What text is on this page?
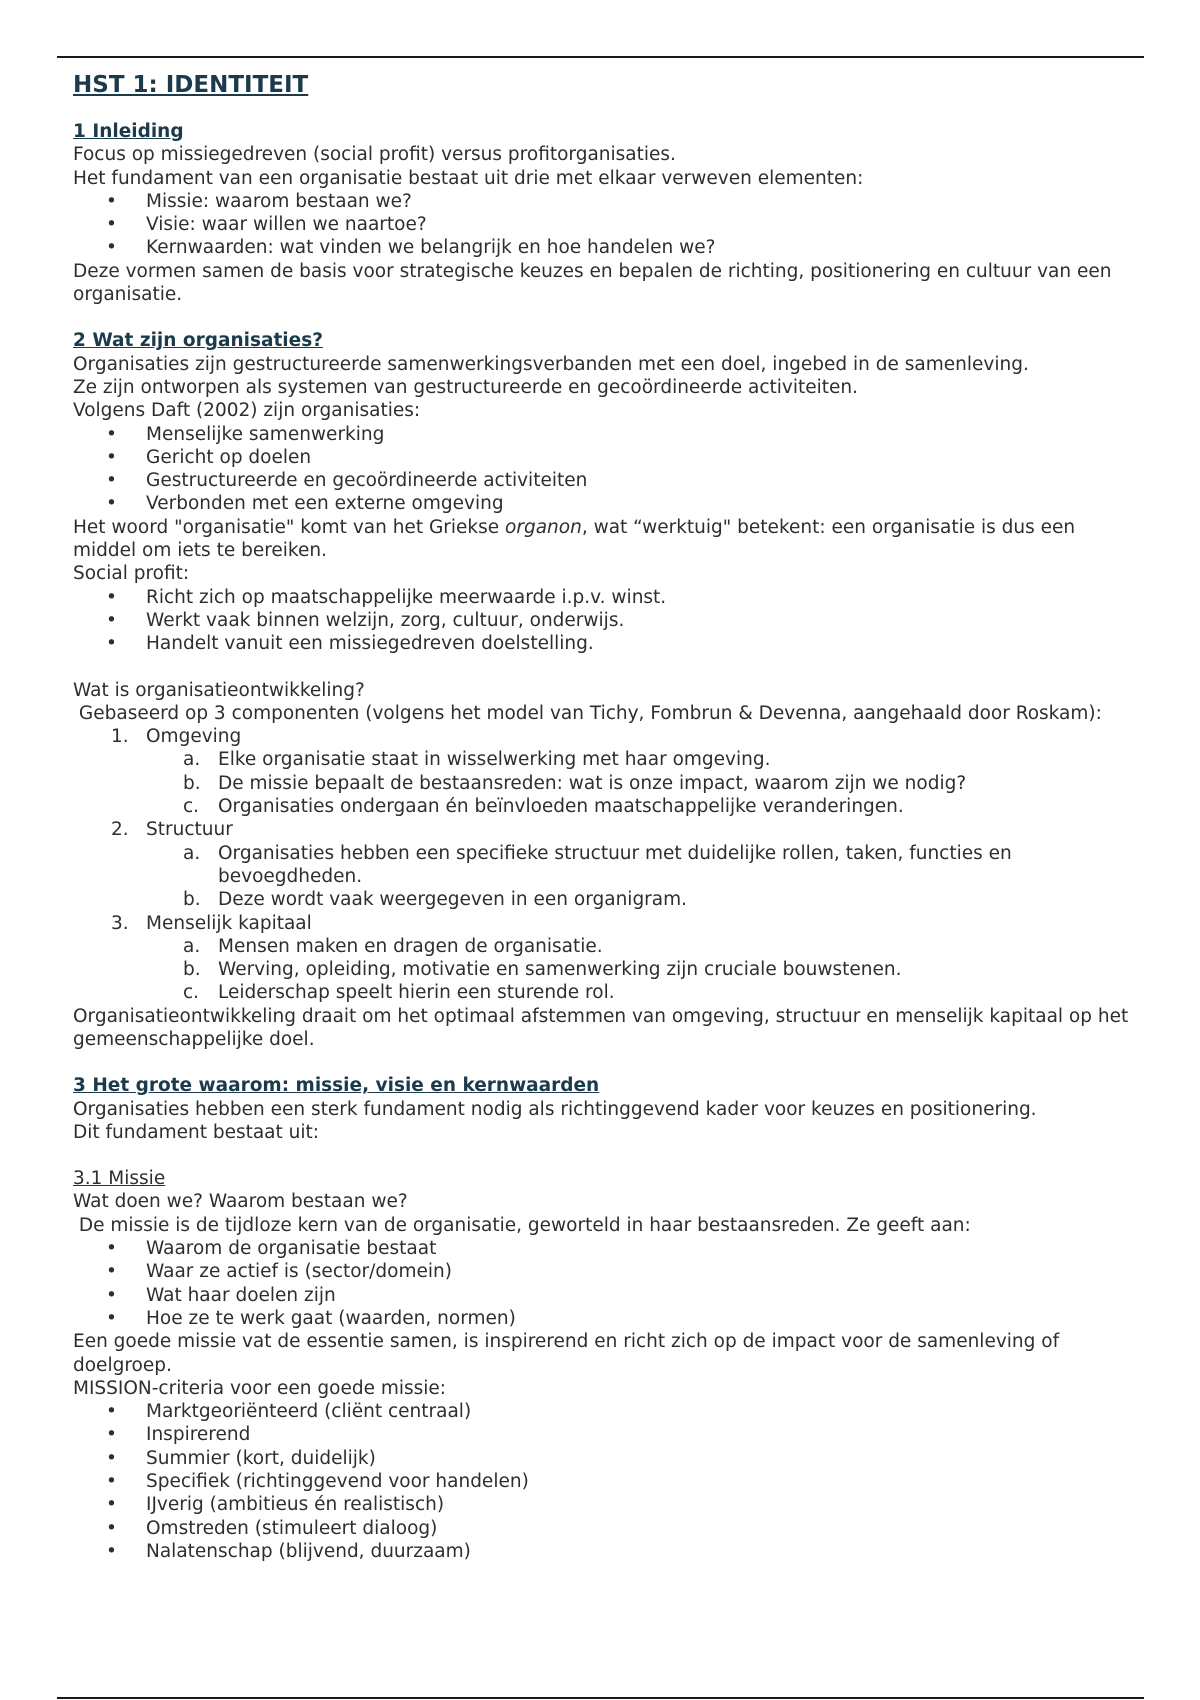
HST 1: IDENTITEIT
1 Inleiding

Focus op missiegedreven (social profit) versus profitorganisaties.

Het fundament van een organisatie bestaat uit drie met elkaar verweven elementen:

• Missie: waarom bestaan we?
• Visie: waar willen we naartoe?
• Kernwaarden: wat vinden we belangrijk en hoe handelen we?

Deze vormen samen de basis voor strategische keuzes en bepalen de richting, positionering en cultuur van een organisatie.

2 Wat zijn organisaties?

Organisaties zijn gestructureerde samenwerkingsverbanden met een doel, ingebed in de samenleving.

Ze zijn ontworpen als systemen van gestructureerde en gecoördineerde activiteiten.

Volgens Daft (2002) zijn organisaties:

• Menselijke samenwerking
• Gericht op doelen
• Gestructureerde en gecoördineerde activiteiten
• Verbonden met een externe omgeving

Het woord "organisatie" komt van het Griekse organon, wat “werktuig" betekent: een organisatie is dus een middel om iets te bereiken.

Social profit:

• Richt zich op maatschappelijke meerwaarde i.p.v. winst.
• Werkt vaak binnen welzijn, zorg, cultuur, onderwijs.
• Handelt vanuit een missiegedreven doelstelling.

Wat is organisatieontwikkeling?

Gebaseerd op 3 componenten (volgens het model van Tichy, Fombrun & Devenna, aangehaald door Roskam):

1. Omgeving
a. Elke organisatie staat in wisselwerking met haar omgeving.
b. De missie bepaalt de bestaansreden: wat is onze impact, waarom zijn we nodig?
c. Organisaties ondergaan én beïnvloeden maatschappelijke veranderingen.
2. Structuur
a. Organisaties hebben een specifieke structuur met duidelijke rollen, taken, functies en bevoegdheden.
b. Deze wordt vaak weergegeven in een organigram.
3. Menselijk kapitaal
a. Mensen maken en dragen de organisatie.
b. Werving, opleiding, motivatie en samenwerking zijn cruciale bouwstenen.
c. Leiderschap speelt hierin een sturende rol.

Organisatieontwikkeling draait om het optimaal afstemmen van omgeving, structuur en menselijk kapitaal op het gemeenschappelijke doel.

3 Het grote waarom: missie, visie en kernwaarden

Organisaties hebben een sterk fundament nodig als richtinggevend kader voor keuzes en positionering.

Dit fundament bestaat uit:

3.1 Missie

Wat doen we? Waarom bestaan we?

De missie is de tijdloze kern van de organisatie, geworteld in haar bestaansreden. Ze geeft aan:

• Waarom de organisatie bestaat
• Waar ze actief is (sector/domein)
• Wat haar doelen zijn
• Hoe ze te werk gaat (waarden, normen)

Een goede missie vat de essentie samen, is inspirerend en richt zich op de impact voor de samenleving of doelgroep.

MISSION-criteria voor een goede missie:

• Marktgeoriënteerd (cliënt centraal)
• Inspirerend
• Summier (kort, duidelijk)
• Specifiek (richtinggevend voor handelen)
• IJverig (ambitieus én realistisch)
• Omstreden (stimuleert dialoog)
• Nalatenschap (blijvend, duurzaam)
